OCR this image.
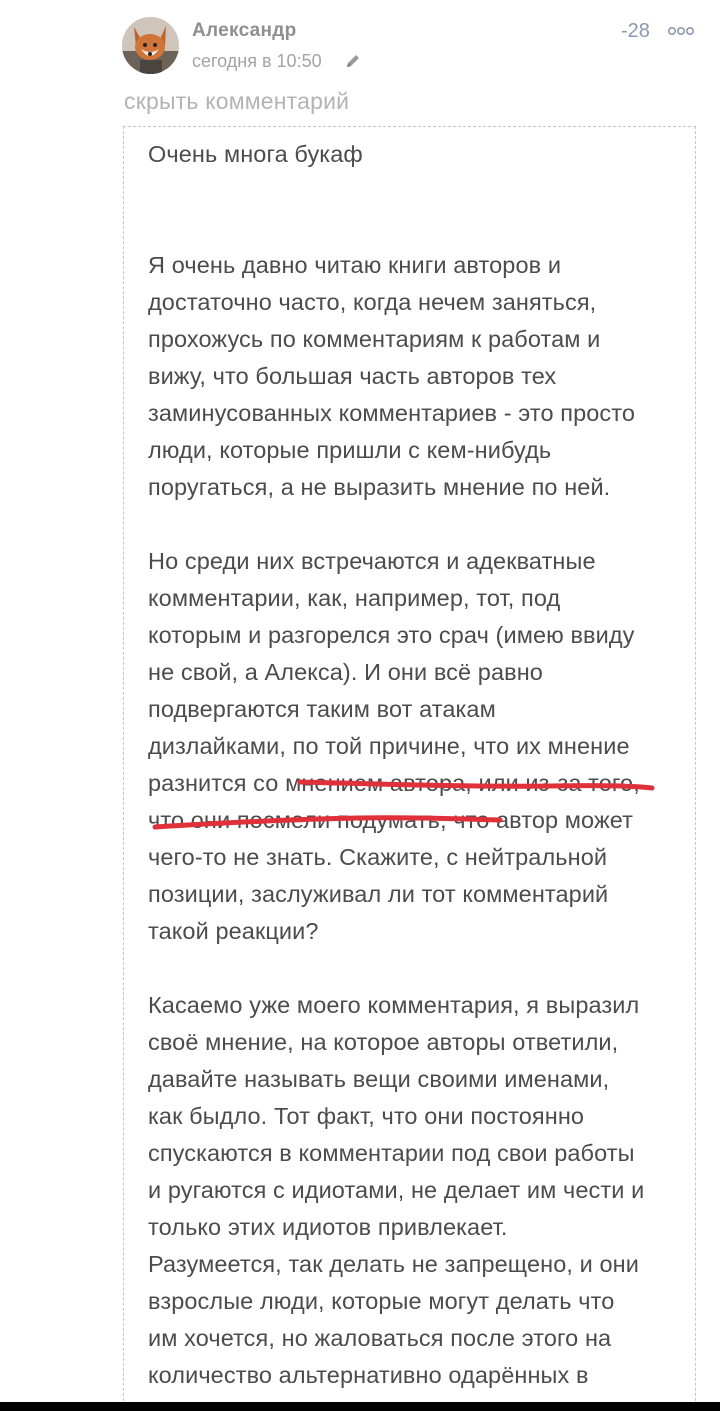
Александр
сегодня в 10:50
-28
скрыть комментарий

Очень многа букаф

Я очень давно читаю книги авторов и
достаточно часто, когда нечем заняться,
прохожусь по комментариям к работам и
вижу, что большая часть авторов тех
заминусованных комментариев - это просто
люди, которые пришли с кем-нибудь
поругаться, а не выразить мнение по ней.

Но среди них встречаются и адекватные
комментарии, как, например, тот, под
которым и разгорелся это срач (имею ввиду
не свой, а Алекса). И они всё равно
подвергаются таким вот атакам
дизлайками, по той причине, что их мнение
разнится со мнением автора, или из-за того,
что они посмели подумать, что автор может
чего-то не знать. Скажите, с нейтральной
позиции, заслуживал ли тот комментарий
такой реакции?

Касаемо уже моего комментария, я выразил
своё мнение, на которое авторы ответили,
давайте называть вещи своими именами,
как быдло. Тот факт, что они постоянно
спускаются в комментарии под свои работы
и ругаются с идиотами, не делает им чести и
только этих идиотов привлекает.
Разумеется, так делать не запрещено, и они
взрослые люди, которые могут делать что
им хочется, но жаловаться после этого на
количество альтернативно одарённых в
